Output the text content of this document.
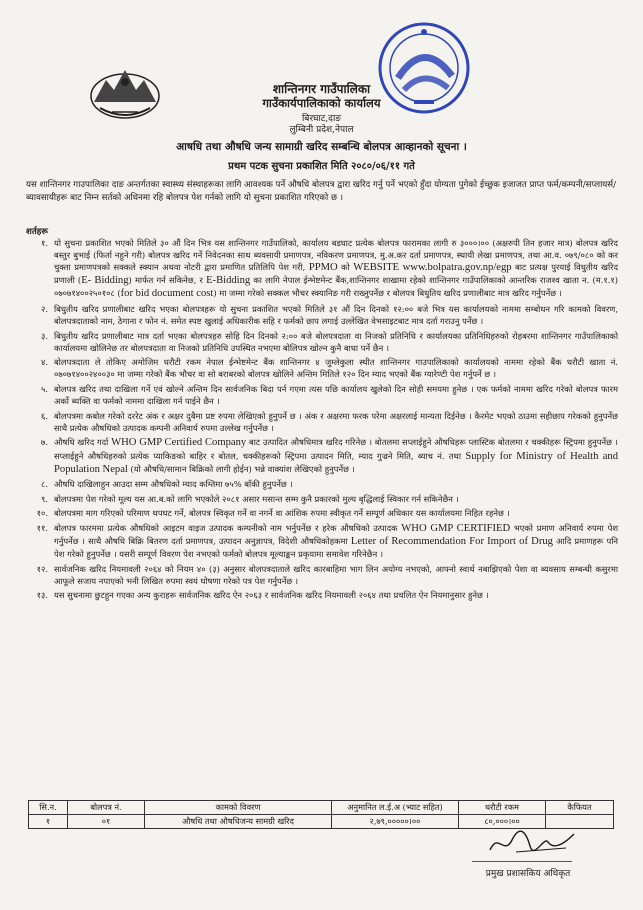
शान्तिनगर गाउँपालिका
गाउँकार्यपालिकाको कार्यालय
बिरघाट,दाङ
लुम्बिनी प्रदेश,नेपाल
आषधि तथा औषधि जन्य सामाग्री खरिद सम्बन्धि बोलपत्र आव्हानको सूचना ।
प्रथम पटक सुचना प्रकाशित मिति २०८०/०६/११ गते
यस शान्तिनगर गाउपालिका दाङ अन्तर्गतका स्वास्थ्य संस्थाहरूका लागि आवश्यक पर्ने औषधि बोलपत्र द्वारा खरिद गर्नु पर्ने भएको हुँदा योग्यता पुगेको ईच्छुक इजाजत प्राप्त फर्म/कम्पनी/सप्लायर्स/ब्यावसायीहरू बाट निम्न सर्तको अधिनमा रहि बोलपत्र पेश गर्नको लागि यो सुचना प्रकाशित गरिएको छ ।
शर्तहरू
१. यो सुचना प्रकाशित भएको मितिले ३० औं दिन भित्र यस शान्तिनगर गाउँपालिको, कार्यालय बडघाट प्रत्येक बोलपत्र फारामका लागी रु ३०००।०० (अक्षरुपी तिन हजार मात्र) बोलपत्र खरिद बस्तुर बुभाई (फिर्ता नहुने गरी) बोलपत्र खरिद गर्ने निवेदनका साथ ब्यवसायी प्रमाणपत्र, नविकरण प्रमाणपत्र, मु.अ.कर दर्ता प्रमाणपत्र, स्थायी लेखा प्रमाणपत्र, तथा आ.व. ०७९/०८० को कर चुक्ता प्रमाणपत्रको सक्कले स्क्यान अथवा नोटरी द्वारा प्रमाणित प्रतिलिपि पेश गरी, PPMO को WEBSITE www.bolpatra.gov.np/egp बाट प्रत्यक्ष पुरयाई विधुतीय खरिद प्रणाली (E- Bidding) मार्फत गर्न सकिनेछ, र E-Bidding का लागि नेपाल ईन्भेष्टमेन्ट बैंक,शान्तिनगर शाखामा रहेको शान्तिनगर गाउँपालिकाको आन्तरिक राजश्व खाता न. (म.१.१) ०७०७१४००२५०१०८ (for bid document cost) मा जम्मा गरेको सक्कल भौचर स्क्यानिङ गरी राख्नुपर्नेछ र बोलपत्र बिधुतिय खरिद प्रणालीबाट मात्र खरिद गर्नुपर्नेछ ।
२. बिधुतीय खरिद प्रणालीबाट खरिद भएका बोलपत्रहरू यो सुचना प्रकाशित भएको मितिले ३१ औं दिन दिनको १२:०० बजे भित्र यस कार्यालयको नाममा सम्बोधन गरि कामको विवरण, बोलपत्रदाताको नाम, ठेगाना र फोन नं. समेत स्पष्ट खुलाई अधिकारीक सहि र फर्मको छाप लगाई उल्लेखित वेभसाइटबाट मात्र दर्ता गराउनु पर्नेछ ।
३. बिधुतीय खरिद प्रणालीबाट मात्र दर्ता भएका बोलपत्रहरु सोहि दिन दिनको २:०० बजे बोलपत्रदाता वा निजको प्रतिनिधि र कार्यालयका प्रतिनिधिहरुको रोहबरमा शान्तिनगर गाउँपालिकाको कार्यालयमा खोलिनेछ तर बोलपत्रदाता वा निजको प्रतिनिधि उपस्थित नभएमा बोलिपत्र खोल्न कुनै बाधा पर्ने छैन ।
४. बोलपत्रदाता ले तोकिए अमोजिम धरौटी रकम नेपाल ईन्भेष्टमेन्ट बैंक शान्तिनगर ४ जुम्लेकुला स्थीत शान्तिनगर गाउपालिकाको कार्यालयको नाममा रहेको बैंक धरौटी खाता नं. ०७०७१४००२४००३० मा जम्मा गरेको बैंक भौचर वा सो बराबरको बोलपत्र खोलिने अन्तिम मितिले १२० दिन म्याद भएको बैंक ग्यारेण्टी पेश गर्नुपर्ने छ ।
५. बोलपत्र खरिद तथा दाखिला गर्ने एवं खोल्ने अन्तिम दिन सार्वजनिक बिदा पर्न गएमा त्यस पछि कार्यालय खुलेको दिन सोही समयमा हुनेछ । एक फर्मको नाममा खरिद गरेको बोलपत्र फारम अर्को ब्यक्ति वा फर्मको नाममा दाखिला गर्न पाईने छैन ।
६. बोलपत्रमा कबोल गरेको दररेट अंक र अक्षर दुबैमा प्रष्ट रुपमा लेखिएको हुनुपर्ने छ । अंक र अक्षरमा फरक परेमा अक्षरलाई मान्यता दिईनेछ । कैरमेट भएको ठाउमा सहीछाप गरेकको हुनुपर्नेछ साथै प्रत्येक औषधिको उत्पादक कम्पनी अनिवार्य रुपमा उल्लेख गर्नुपर्नेछ ।
७. औषधि खरिद गर्दा WHO GMP Certified Company बाट उत्पादित औषधिमात्र खरिद गरिनेछ । बोतलमा सप्लाईहुने औषधिहरू प्लास्टिक बोतलमा र चक्कीहरू स्ट्रिपमा हुनुपर्नेछ । सप्लाईहुने औषधिहरुको प्रत्येक प्याकिङको बाहिर र बोतल, चक्कीहरूको स्ट्रिपमा उत्पादन मिति, म्याद गुज्रने मिति, ब्याच नं. तथा Supply for Ministry of Health and Population Nepal (यो औषधि/सामान बिक्रिको लागी होईन) भन्ने वाक्यांश लेखिएको हुनुपर्नेछ ।
८. औषधि दाखिलाहुन आउदा सम्म औषधिको म्याद कम्तिमा ७५% बाँकी हुनुपर्नेछ ।
९. बोलपत्रमा पेश गरेको मूल्य यस आ.ब.को लागि भएकोले २०८१ असार मसान्त सम्म कुनै प्रकारको मुल्य बृद्धिलाई स्विकार गर्न सकिनेछैन ।
१०. बोलपत्रमा माग गरिएको परिमाण थपघट गर्ने, बोलपत्र स्विकृत गर्ने वा नगर्ने वा आंशिक रुपमा स्वीकृत गर्ने सम्पूर्ण अधिकार यस कार्यालयमा निहित रहनेछ ।
११. बोलपत्र फारममा प्रत्येक औषधिको आइटम वाइज उत्पादक कम्पनीको नाम भर्नुपर्नेछ र हरेक औषधिको उत्पादक WHO GMP CERTIFIED भएको प्रमाण अनिवार्य रुपमा पेश गर्नुपर्नेछ । साथै औषधि बिक्रि बितरण दर्ता प्रमाणपत्र, उत्पादन अनुज्ञापत्र, विदेशी औषधिकोहकमा Letter of Recommendation For Import of Drug आदि प्रमाणहरू पनि पेश गरेको हुनुपर्नेछ । यसरी सम्पूर्ण विवरण पेश नभएको फर्मको बोलपत्र मूल्याङ्कन प्रकृयामा समावेश गरिनेछैन ।
१२. सार्वजनिक खरिद नियमावली २०६४ को नियम ४० (३) अनुसार बोलपत्रदाताले खरिद कारबाहिमा भाग लिन अयोग्य नभएको, आफ्नो स्वार्थ नबाझिएको पेशा वा ब्यवसाय सम्बन्धी कसुरमा आफूले सजाय नपाएको भनी लिखित रुपमा स्वयं घोषणा गरेको पत्र पेश गर्नुपर्नेछ ।
१३. यस सुचनामा छुटहुन गएका अन्य कुराहरू सार्वजनिक खरिद ऐन २०६३ र सार्वजनिक खरिद नियमावली २०६४ तथा प्रचलित ऐन नियमानुसार हुनेछ ।
सि.न.	बोलपत्र नं.	कामको विवरण	अनुमानित ल.ई.अ (भ्याट सहित)	धरौटी रकम	कैफियत
१	०१	औषधि तथा औषधिजन्य सामग्री खरिद	२,७९,०००००।००	८०,०००।००	
प्रमुख प्रशासकिय अधिकृत
